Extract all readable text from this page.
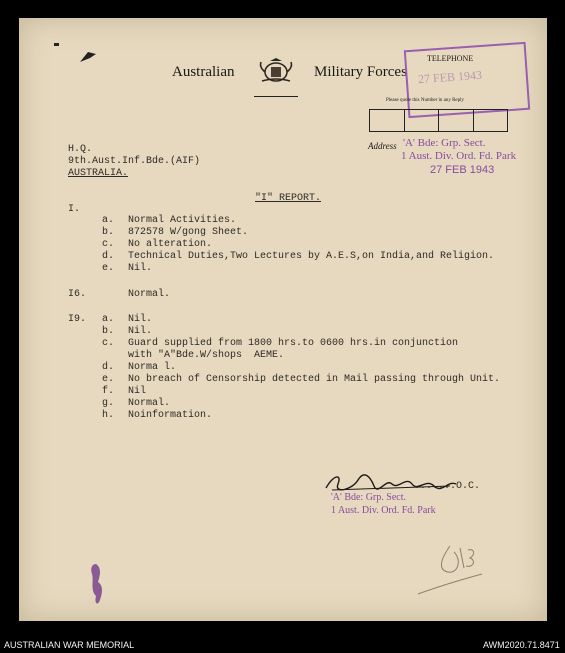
Australian	Military Forces
TELEPHONE
27 FEB 1943
Please quote this Number in any Reply
Address 'A' Bde: Grp. Sect.
1 Aust. Div. Ord. Fd. Park
27 FEB 1943
H.Q.
9th.Aust.Inf.Bde.(AIF)
AUSTRALIA.
"I" REPORT.
I.
a. Normal Activities.
b. 872578 W/gong Sheet.
c. No alteration.
d. Technical Duties,Two Lectures by A.E.S,on India,and Religion.
e. Nil.
I6.	Normal.
I9. a. Nil.
b. Nil.
c. Guard supplied from 1800 hrs.to 0600 hrs.in conjunction
with "A"Bde.W/shops  AEME.
d. Norma l.
e. No breach of Censorship detected in Mail passing through Unit.
f. Nil
g. Normal.
h. Noinformation.
.......O.C.
'A' Bde: Grp. Sect.
1 Aust. Div. Ord. Fd. Park
AUSTRALIAN WAR MEMORIAL	AWM2020.71.8471
